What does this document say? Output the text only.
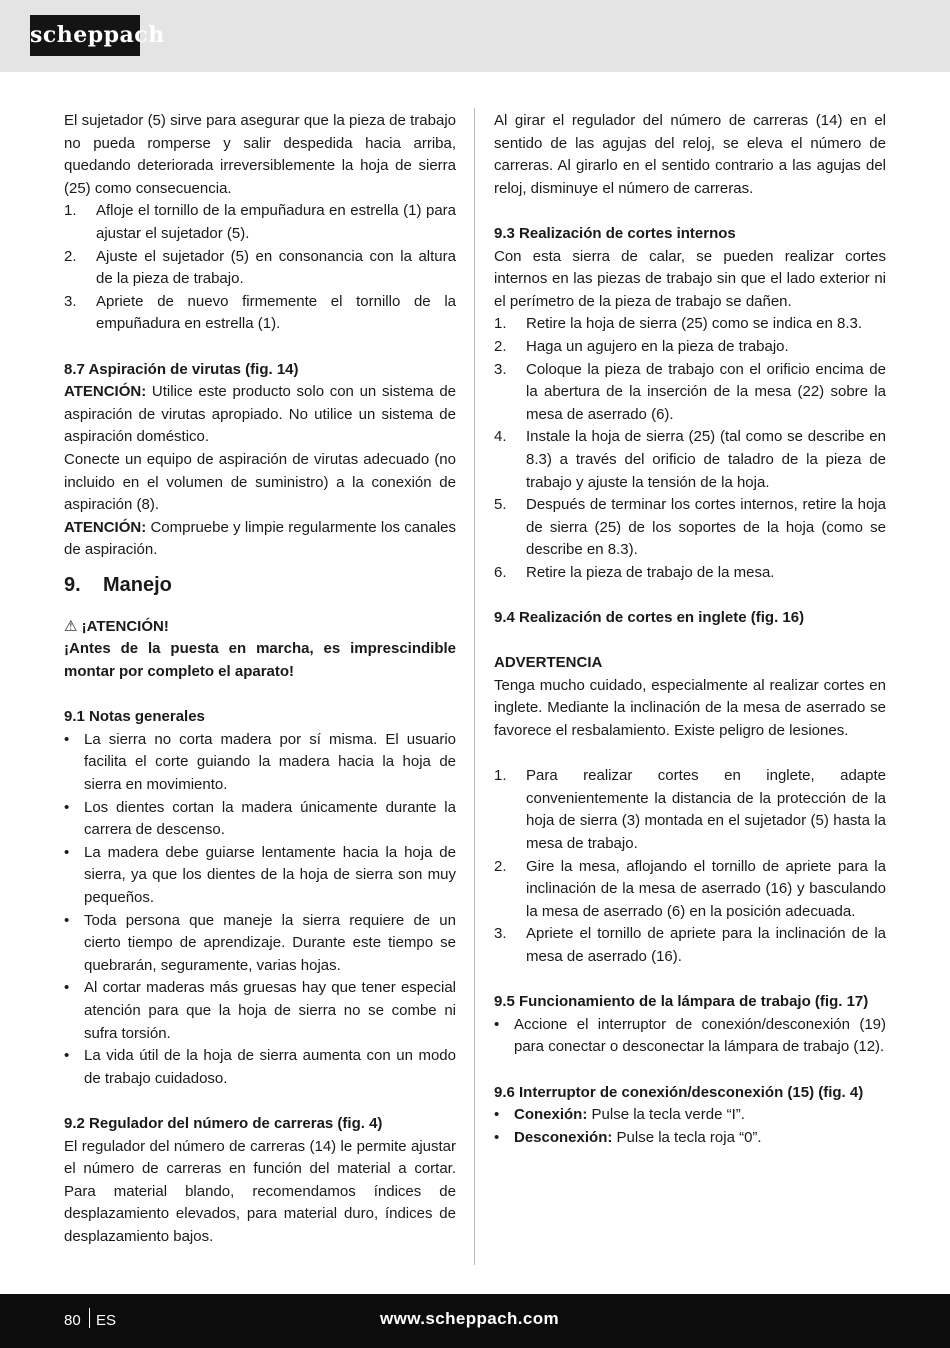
scheppach

El sujetador (5) sirve para asegurar que la pieza de trabajo no pueda romperse y salir despedida hacia arriba, quedando deteriorada irreversiblemente la hoja de sierra (25) como consecuencia.

1. Afloje el tornillo de la empuñadura en estrella (1) para ajustar el sujetador (5).
2. Ajuste el sujetador (5) en consonancia con la altura de la pieza de trabajo.
3. Apriete de nuevo firmemente el tornillo de la empuñadura en estrella (1).

8.7 Aspiración de virutas (fig. 14)

ATENCIÓN: Utilice este producto solo con un sistema de aspiración de virutas apropiado. No utilice un sistema de aspiración doméstico.

Conecte un equipo de aspiración de virutas adecuado (no incluido en el volumen de suministro) a la conexión de aspiración (8).

ATENCIÓN: Compruebe y limpie regularmente los canales de aspiración.

9. Manejo

⚠ ¡ATENCIÓN!

¡Antes de la puesta en marcha, es imprescindible montar por completo el aparato!

9.1 Notas generales

• La sierra no corta madera por sí misma. El usuario facilita el corte guiando la madera hacia la hoja de sierra en movimiento.
• Los dientes cortan la madera únicamente durante la carrera de descenso.
• La madera debe guiarse lentamente hacia la hoja de sierra, ya que los dientes de la hoja de sierra son muy pequeños.
• Toda persona que maneje la sierra requiere de un cierto tiempo de aprendizaje. Durante este tiempo se quebrarán, seguramente, varias hojas.
• Al cortar maderas más gruesas hay que tener especial atención para que la hoja de sierra no se combe ni sufra torsión.
• La vida útil de la hoja de sierra aumenta con un modo de trabajo cuidadoso.

9.2 Regulador del número de carreras (fig. 4)

El regulador del número de carreras (14) le permite ajustar el número de carreras en función del material a cortar. Para material blando, recomendamos índices de desplazamiento elevados, para material duro, índices de desplazamiento bajos.

Al girar el regulador del número de carreras (14) en el sentido de las agujas del reloj, se eleva el número de carreras. Al girarlo en el sentido contrario a las agujas del reloj, disminuye el número de carreras.

9.3 Realización de cortes internos

Con esta sierra de calar, se pueden realizar cortes internos en las piezas de trabajo sin que el lado exterior ni el perímetro de la pieza de trabajo se dañen.

1. Retire la hoja de sierra (25) como se indica en 8.3.
2. Haga un agujero en la pieza de trabajo.
3. Coloque la pieza de trabajo con el orificio encima de la abertura de la inserción de la mesa (22) sobre la mesa de aserrado (6).
4. Instale la hoja de sierra (25) (tal como se describe en 8.3) a través del orificio de taladro de la pieza de trabajo y ajuste la tensión de la hoja.
5. Después de terminar los cortes internos, retire la hoja de sierra (25) de los soportes de la hoja (como se describe en 8.3).
6. Retire la pieza de trabajo de la mesa.

9.4 Realización de cortes en inglete (fig. 16)

ADVERTENCIA

Tenga mucho cuidado, especialmente al realizar cortes en inglete. Mediante la inclinación de la mesa de aserrado se favorece el resbalamiento. Existe peligro de lesiones.

1. Para realizar cortes en inglete, adapte convenientemente la distancia de la protección de la hoja de sierra (3) montada en el sujetador (5) hasta la mesa de trabajo.
2. Gire la mesa, aflojando el tornillo de apriete para la inclinación de la mesa de aserrado (16) y basculando la mesa de aserrado (6) en la posición adecuada.
3. Apriete el tornillo de apriete para la inclinación de la mesa de aserrado (16).

9.5 Funcionamiento de la lámpara de trabajo (fig. 17)

• Accione el interruptor de conexión/desconexión (19) para conectar o desconectar la lámpara de trabajo (12).

9.6 Interruptor de conexión/desconexión (15) (fig. 4)

• Conexión: Pulse la tecla verde “I”.
• Desconexión: Pulse la tecla roja “0”.
80 ES	www.scheppach.com
